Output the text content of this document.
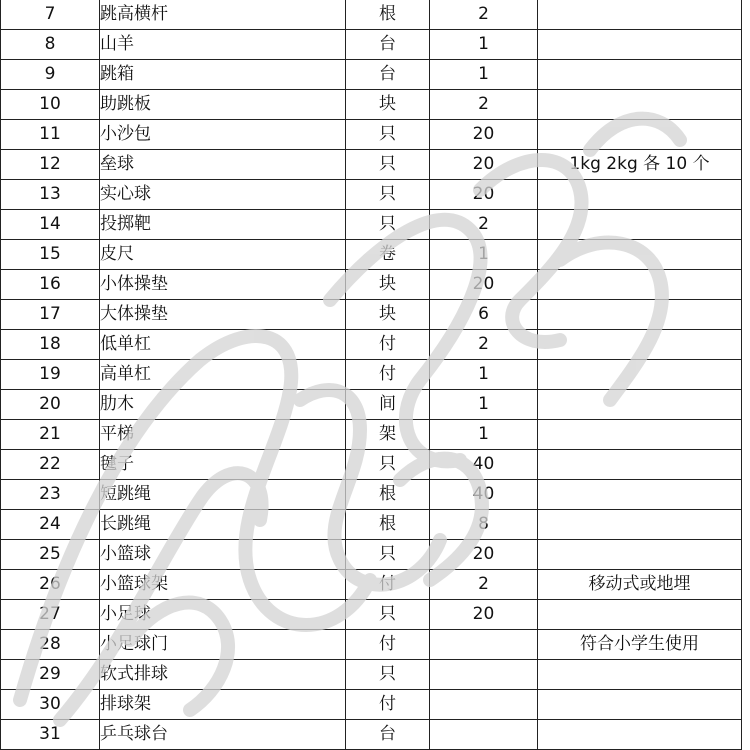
7	跳高横杆	根	2	
8	山羊	台	1	
9	跳箱	台	1	
10	助跳板	块	2	
11	小沙包	只	20	
12	垒球	只	20	1kg 2kg 各 10 个
13	实心球	只	20	
14	投掷靶	只	2	
15	皮尺	卷	1	
16	小体操垫	块	20	
17	大体操垫	块	6	
18	低单杠	付	2	
19	高单杠	付	1	
20	肋木	间	1	
21	平梯	架	1	
22	毽子	只	40	
23	短跳绳	根	40	
24	长跳绳	根	8	
25	小篮球	只	20	
26	小篮球架	付	2	移动式或地埋
27	小足球	只	20	
28	小足球门	付		符合小学生使用
29	软式排球	只		
30	排球架	付		
31	乒乓球台	台		
